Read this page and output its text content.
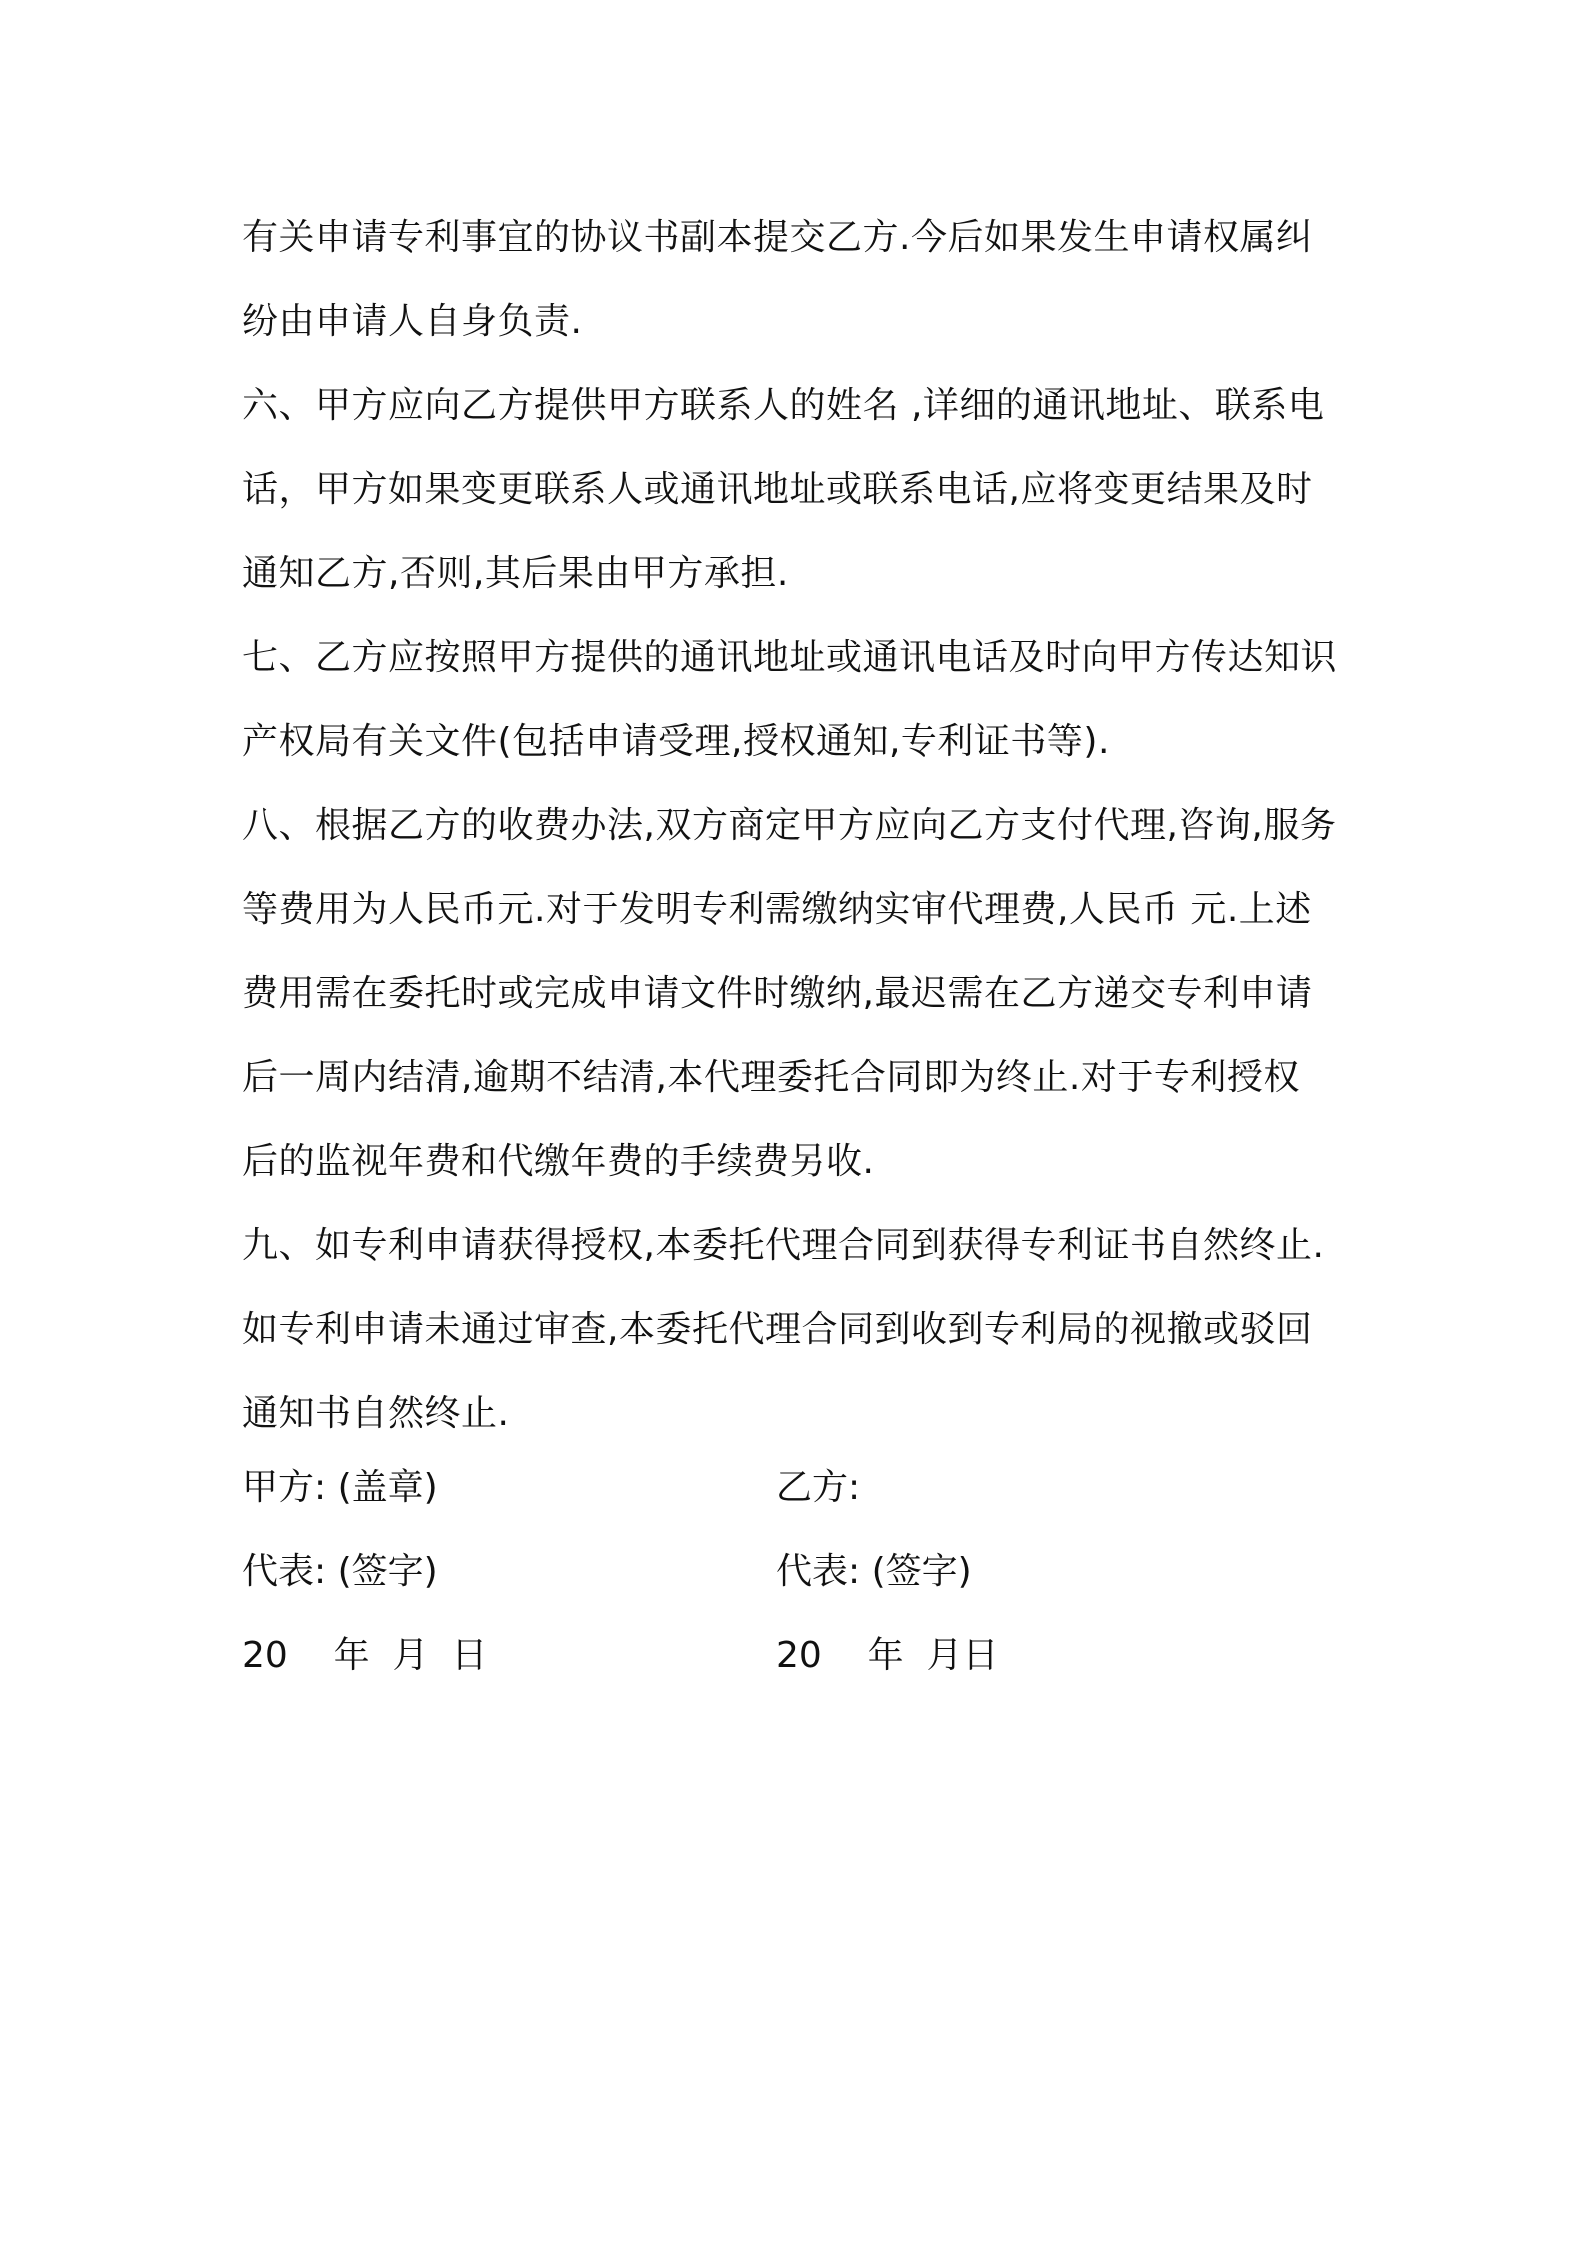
有关申请专利事宜的协议书副本提交乙方.今后如果发生申请权属纠
纷由申请人自身负责.
六、甲方应向乙方提供甲方联系人的姓名 ,详细的通讯地址、联系电
话，甲方如果变更联系人或通讯地址或联系电话,应将变更结果及时
通知乙方,否则,其后果由甲方承担.
七、乙方应按照甲方提供的通讯地址或通讯电话及时向甲方传达知识
产权局有关文件(包括申请受理,授权通知,专利证书等).
八、根据乙方的收费办法,双方商定甲方应向乙方支付代理,咨询,服务
等费用为人民币元.对于发明专利需缴纳实审代理费,人民币 元.上述
费用需在委托时或完成申请文件时缴纳,最迟需在乙方递交专利申请
后一周内结清,逾期不结清,本代理委托合同即为终止.对于专利授权
后的监视年费和代缴年费的手续费另收.
九、如专利申请获得授权,本委托代理合同到获得专利证书自然终止.
如专利申请未通过审查,本委托代理合同到收到专利局的视撤或驳回
通知书自然终止.
甲方: (盖章)	乙方:
代表: (签字)	代表: (签字)
20    年  月  日	20    年  月日
